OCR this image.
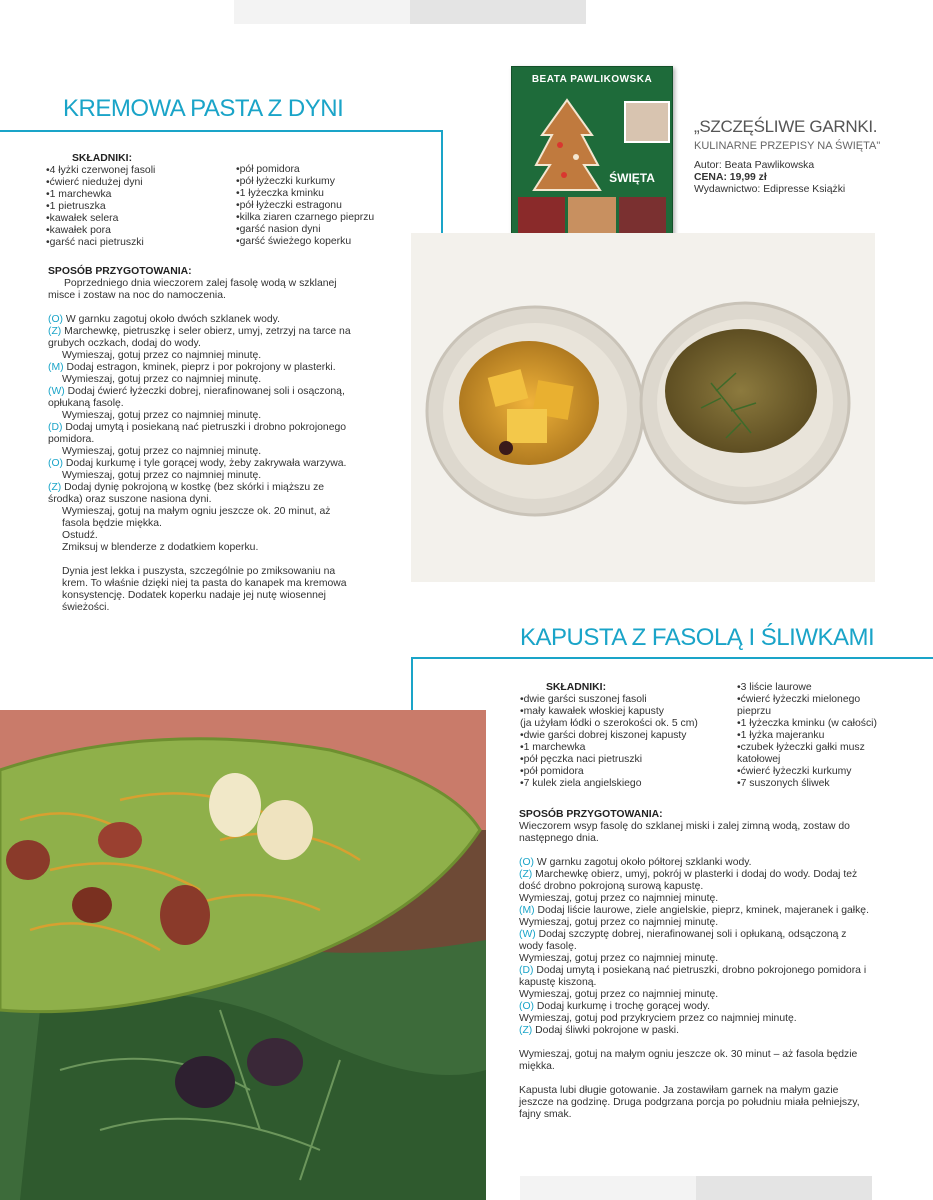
KREMOWA PASTA Z DYNI
SKŁADNIKI:
•4 łyżki czerwonej fasoli
•ćwierć niedużej dyni
•1 marchewka
•1 pietruszka
•kawałek selera
•kawałek pora
•garść naci pietruszki
•pół pomidora
•pół łyżeczki kurkumy
•1 łyżeczka kminku
•pół łyżeczki estragonu
•kilka ziaren czarnego pieprzu
•garść nasion dyni
•garść świeżego koperku
SPOSÓB PRZYGOTOWANIA:

Poprzedniego dnia wieczorem zalej fasolę wodą w szklanej misce i zostaw na noc do namoczenia.

(O) W garnku zagotuj około dwóch szklanek wody.
(Z) Marchewkę, pietruszkę i seler obierz, umyj, zetrzyj na tarce na grubych oczkach, dodaj do wody.
Wymieszaj, gotuj przez co najmniej minutę.
(M) Dodaj estragon, kminek, pieprz i por pokrojony w plasterki.
Wymieszaj, gotuj przez co najmniej minutę.
(W) Dodaj ćwierć łyżeczki dobrej, nierafinowanej soli i osączoną, opłukaną fasolę.
Wymieszaj, gotuj przez co najmniej minutę.
(D) Dodaj umytą i posiekaną nać pietruszki i drobno pokrojonego pomidora.
Wymieszaj, gotuj przez co najmniej minutę.
(O) Dodaj kurkumę i tyle gorącej wody, żeby zakrywała warzywa.
Wymieszaj, gotuj przez co najmniej minutę.
(Z) Dodaj dynię pokrojoną w kostkę (bez skórki i miąższu ze środka) oraz suszone nasiona dyni.
Wymieszaj, gotuj na małym ogniu jeszcze ok. 20 minut, aż fasola będzie miękka.
Ostudź.
Zmiksuj w blenderze z dodatkiem koperku.

Dynia jest lekka i puszysta, szczególnie po zmiksowaniu na krem. To właśnie dzięki niej ta pasta do kanapek ma kremowa konsystencję. Dodatek koperku nadaje jej nutę wiosennej świeżości.

BEATA PAWLIKOWSKA
ŚWIĘTA
„SZCZĘŚLIWE GARNKI.
KULINARNE PRZEPISY NA ŚWIĘTA"
Autor: Beata Pawlikowska
CENA: 19,99 zł
Wydawnictwo: Edipresse Książki
KAPUSTA Z FASOLĄ I ŚLIWKAMI
SKŁADNIKI:
•dwie garści suszonej fasoli
•mały kawałek włoskiej kapusty
(ja użyłam łódki o szerokości ok. 5 cm)
•dwie garści dobrej kiszonej kapusty
•1 marchewka
•pół pęczka naci pietruszki
•pół pomidora
•7 kulek ziela angielskiego
•3 liście laurowe
•ćwierć łyżeczki mielonego
pieprzu
•1 łyżeczka kminku (w całości)
•1 łyżka majeranku
•czubek łyżeczki gałki musz
katołowej
•ćwierć łyżeczki kurkumy
•7 suszonych śliwek
SPOSÓB PRZYGOTOWANIA:

Wieczorem wsyp fasolę do szklanej miski i zalej zimną wodą, zostaw do następnego dnia.

(O) W garnku zagotuj około półtorej szklanki wody.
(Z) Marchewkę obierz, umyj, pokrój w plasterki i dodaj do wody. Dodaj też dość drobno pokrojoną surową kapustę.
Wymieszaj, gotuj przez co najmniej minutę.
(M) Dodaj liście laurowe, ziele angielskie, pieprz, kminek, majeranek i gałkę.
Wymieszaj, gotuj przez co najmniej minutę.
(W) Dodaj szczyptę dobrej, nierafinowanej soli i opłukaną, odsączoną z wody fasolę.
Wymieszaj, gotuj przez co najmniej minutę.
(D) Dodaj umytą i posiekaną nać pietruszki, drobno pokrojonego pomidora i kapustę kiszoną.
Wymieszaj, gotuj przez co najmniej minutę.
(O) Dodaj kurkumę i trochę gorącej wody.
Wymieszaj, gotuj pod przykryciem przez co najmniej minutę.
(Z) Dodaj śliwki pokrojone w paski.

Wymieszaj, gotuj na małym ogniu jeszcze ok. 30 minut – aż fasola będzie miękka.

Kapusta lubi długie gotowanie. Ja zostawiłam garnek na małym gazie jeszcze na godzinę. Druga podgrzana porcja po południu miała pełniejszy, fajny smak.
